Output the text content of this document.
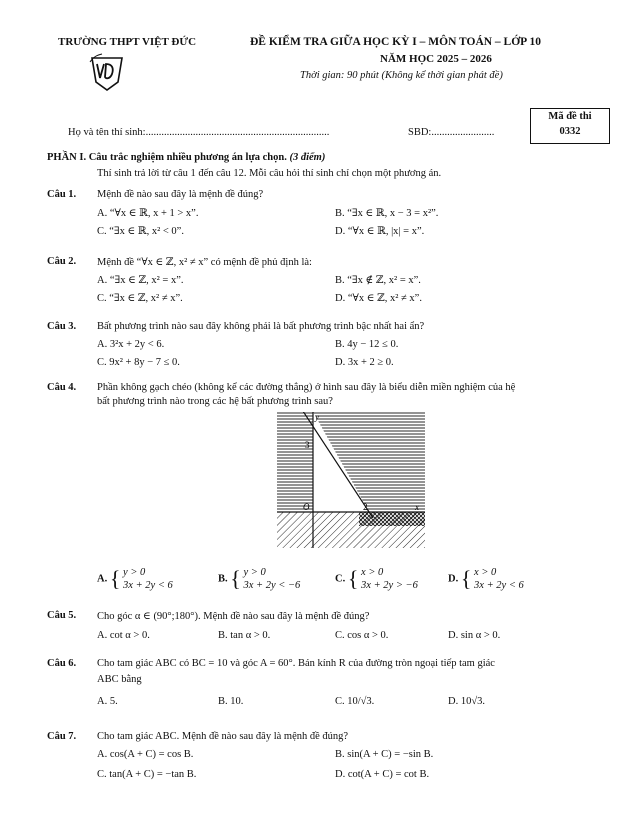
TRƯỜNG THPT VIỆT ĐỨC	ĐỀ KIỂM TRA GIỮA HỌC KỲ I – MÔN TOÁN – LỚP 10
NĂM HỌC 2025 – 2026
Thời gian: 90 phút (Không kể thời gian phát đề)
Mã đề thi
0332
Họ và tên thí sinh:......................................................................	SBD:........................
PHẦN I. Câu trắc nghiệm nhiều phương án lựa chọn. (3 điểm)
Thí sinh trả lời từ câu 1 đến câu 12. Mỗi câu hỏi thí sinh chỉ chọn một phương án.
Câu 1. Mệnh đề nào sau đây là mệnh đề đúng?
A. “∀x ∈ ℝ, x + 1 > x”.	B. “∃x ∈ ℝ, x − 3 = x²”.
C. “∃x ∈ ℝ, x² < 0”.	D. “∀x ∈ ℝ, |x| = x”.
Câu 2. Mệnh đề “∀x ∈ ℤ, x² ≠ x” có mệnh đề phủ định là:
A. “∃x ∈ ℤ, x² = x”.	B. “∃x ∉ ℤ, x² = x”.
C. “∃x ∈ ℤ, x² ≠ x”.	D. “∀x ∈ ℤ, x² ≠ x”.
Câu 3. Bất phương trình nào sau đây không phải là bất phương trình bậc nhất hai ẩn?
A. 3²x + 2y < 6.	B. 4y − 12 ≤ 0.
C. 9x² + 8y − 7 ≤ 0.	D. 3x + 2 ≥ 0.
Câu 4. Phần không gạch chéo (không kể các đường thẳng) ở hình sau đây là biểu diễn miền nghiệm của hệ
bất phương trình nào trong các hệ bất phương trình sau?
y
x
O
3
2
A. { y > 0
3x + 2y < 6
B. { y > 0
3x + 2y < −6
C. { x > 0
3x + 2y > −6
D. { x > 0
3x + 2y < 6
Câu 5. Cho góc α ∈ (90°;180°). Mệnh đề nào sau đây là mệnh đề đúng?
A. cot α > 0.	B. tan α > 0.	C. cos α > 0.	D. sin α > 0.
Câu 6. Cho tam giác ABC có BC = 10 và góc A = 60°. Bán kính R của đường tròn ngoại tiếp tam giác
ABC bằng
A. 5.	B. 10.	C. 10/√3.	D. 10√3.
Câu 7. Cho tam giác ABC. Mệnh đề nào sau đây là mệnh đề đúng?
A. cos(A + C) = cos B.	B. sin(A + C) = −sin B.
C. tan(A + C) = −tan B.	D. cot(A + C) = cot B.
